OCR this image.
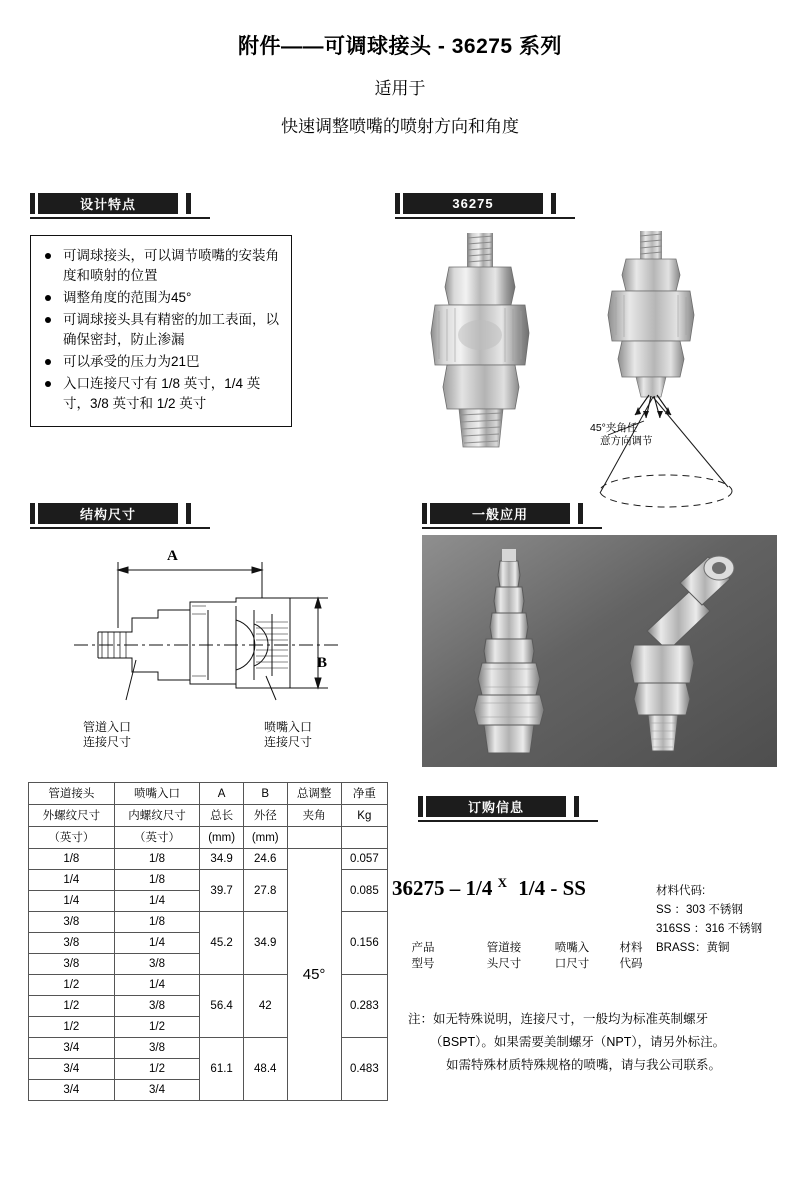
附件——可调球接头 - 36275 系列
适用于
快速调整喷嘴的喷射方向和角度
设计特点	36275
可调球接头，可以调节喷嘴的安装角度和喷射的位置
调整角度的范围为45°
可调球接头具有精密的加工表面，以确保密封，防止渗漏
可以承受的压力为21巴
入口连接尺寸有 1/8 英寸，1/4 英寸，3/8 英寸和 1/2 英寸
45°夹角任
意方向调节
结构尺寸	一般应用
A
B
管道入口
连接尺寸
喷嘴入口
连接尺寸
管道接头	喷嘴入口	A	B	总调整	净重
外螺纹尺寸	内螺纹尺寸	总长	外径	夹角	Kg
（英寸）	（英寸）	(mm)	(mm)		
1/8	1/8	34.9	24.6	45°	0.057
1/4	1/8	39.7	27.8		0.085
1/4	1/4				
3/8	1/8	45.2	34.9		0.156
3/8	1/4				
3/8	3/8				
1/2	1/4	56.4	42		0.283
1/2	3/8				
1/2	1/2				
3/4	3/8	61.1	48.4		0.483
3/4	1/2				
3/4	3/4				
订购信息
36275 – 1/4 $^X$ 1/4 - SS
产品
型号
管道接
头尺寸
喷嘴入
口尺寸
材料
代码
材料代码:
SS ：303 不锈钢
316SS ：316 不锈钢
BRASS：黄铜
注：如无特殊说明，连接尺寸，一般均为标准英制螺牙
（BSPT）。如果需要美制螺牙（NPT），请另外标注。
如需特殊材质特殊规格的喷嘴，请与我公司联系。
